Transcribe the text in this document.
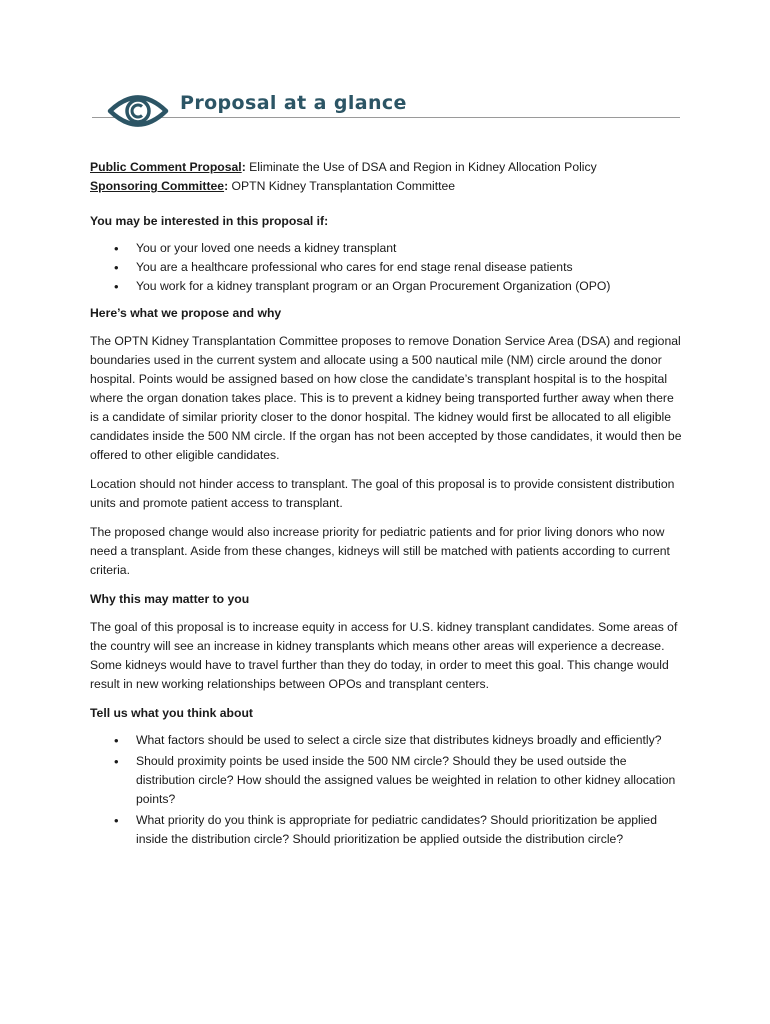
Proposal at a glance

Public Comment Proposal: Eliminate the Use of DSA and Region in Kidney Allocation Policy

Sponsoring Committee: OPTN Kidney Transplantation Committee

You may be interested in this proposal if:

• You or your loved one needs a kidney transplant
• You are a healthcare professional who cares for end stage renal disease patients
• You work for a kidney transplant program or an Organ Procurement Organization (OPO)

Here’s what we propose and why

The OPTN Kidney Transplantation Committee proposes to remove Donation Service Area (DSA) and regional boundaries used in the current system and allocate using a 500 nautical mile (NM) circle around the donor hospital. Points would be assigned based on how close the candidate’s transplant hospital is to the hospital where the organ donation takes place. This is to prevent a kidney being transported further away when there is a candidate of similar priority closer to the donor hospital. The kidney would first be allocated to all eligible candidates inside the 500 NM circle. If the organ has not been accepted by those candidates, it would then be offered to other eligible candidates.

Location should not hinder access to transplant. The goal of this proposal is to provide consistent distribution units and promote patient access to transplant.

The proposed change would also increase priority for pediatric patients and for prior living donors who now need a transplant. Aside from these changes, kidneys will still be matched with patients according to current criteria.

Why this may matter to you

The goal of this proposal is to increase equity in access for U.S. kidney transplant candidates. Some areas of the country will see an increase in kidney transplants which means other areas will experience a decrease. Some kidneys would have to travel further than they do today, in order to meet this goal. This change would result in new working relationships between OPOs and transplant centers.

Tell us what you think about

• What factors should be used to select a circle size that distributes kidneys broadly and efficiently?
• Should proximity points be used inside the 500 NM circle? Should they be used outside the distribution circle? How should the assigned values be weighted in relation to other kidney allocation points?
• What priority do you think is appropriate for pediatric candidates? Should prioritization be applied inside the distribution circle? Should prioritization be applied outside the distribution circle?
